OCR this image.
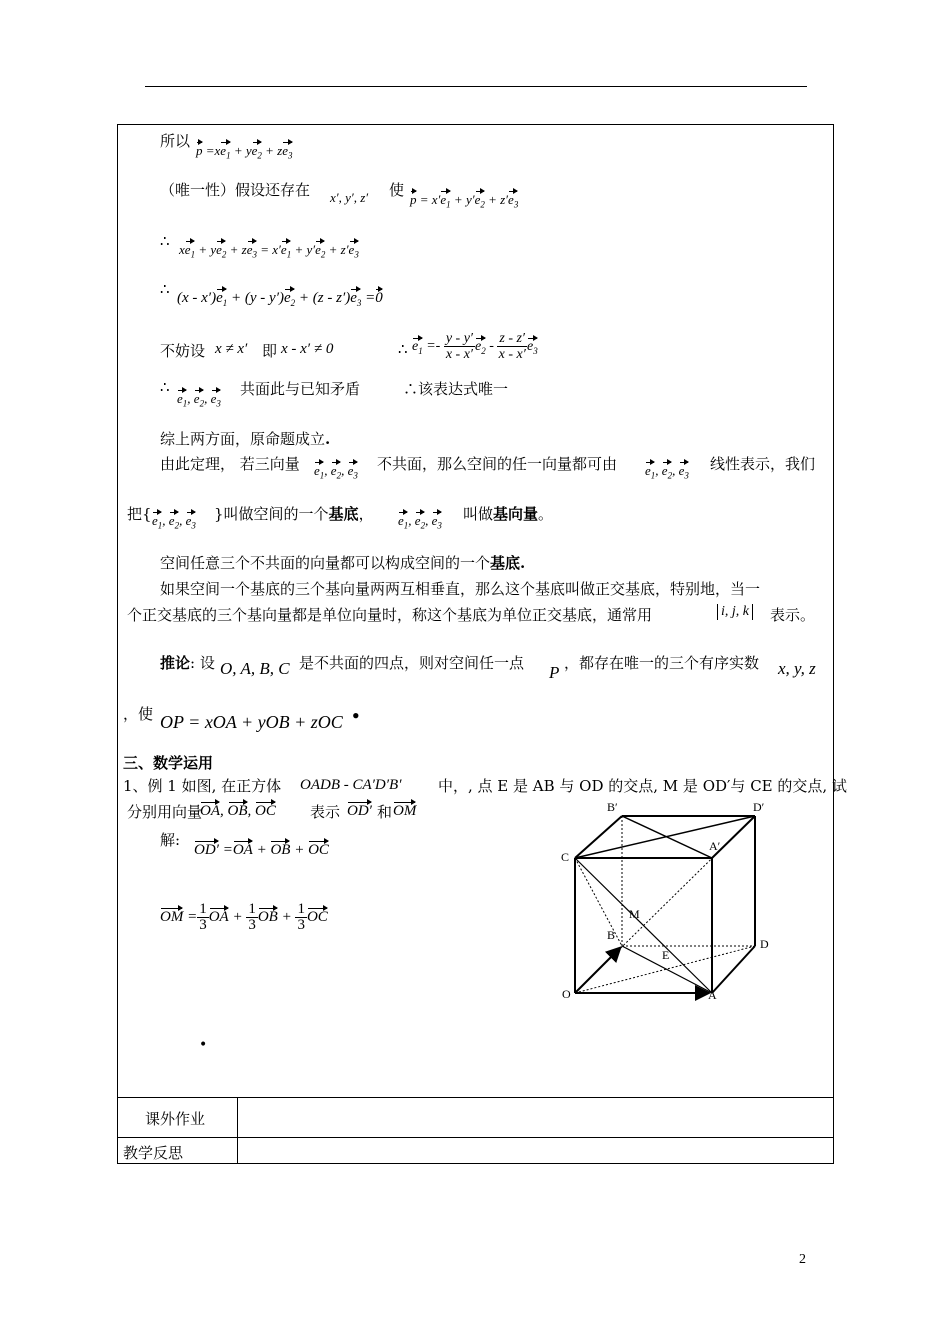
课外作业
教学反思
所以
$p =xe_1 + ye_2 + ze_3$
（唯一性）假设还存在 x′, y′, z′ 使
$p = x'e_1 + y'e_2 + z'e_3$
∴ $xe_1 + ye_2 + ze_3 = x'e_1 + y'e_2 + z'e_3$
∴ $(x - x')e_1 + (y - y')e_2 + (z - z')e_3 =0$
不妨设 x ≠ x′ 即 x - x′ ≠ 0	∴ $e_1 =- \frac{y - y'}{x - x'} e_2 - \frac{z - z'}{x - x'} e_3$
∴
$e_1$, $e_2$, $e_3$
共面此与已知矛盾	∴该表达式唯一
综上两方面，原命题成立.
由此定理， 若三向量 $e_1$, $e_2$, $e_3$
不共面，那么空间的任一向量都可由 $e_1$, $e_2$, $e_3$
线性表示，我们
把{ $e_1$, $e_2$, $e_3$
}叫做空间的一个基底， $e_1$, $e_2$, $e_3$
叫做基向量。
空间任意三个不共面的向量都可以构成空间的一个基底.
如果空间一个基底的三个基向量两两互相垂直，那么这个基底叫做正交基底，特别地，当一
个正交基底的三个基向量都是单位向量时，称这个基底为单位正交基底，通常用	i, j, k 表示。
推论: 设 O, A, B, C 是不共面的四点，则对空间任一点 P ，都存在唯一的三个有序实数 x, y, z
，使 OP = xOA + yOB + zOC •
三、数学运用
1、例 1 如图, 在正方体 OADB - CA′D′B′ 中，, 点 E 是 AB 与 OD 的交点, M 是 OD′与 CE 的交点, 试
分别用向量
OA, OB, OC 表示 OD′ 和 OM
解:
OD′ =OA + OB + OC
OM = $\frac{1}{3}$ OA + $\frac{1}{3}$ OB + $\frac{1}{3}$ OC
•
B′	D′
C
A′
M
B
D
E
O	A
2
